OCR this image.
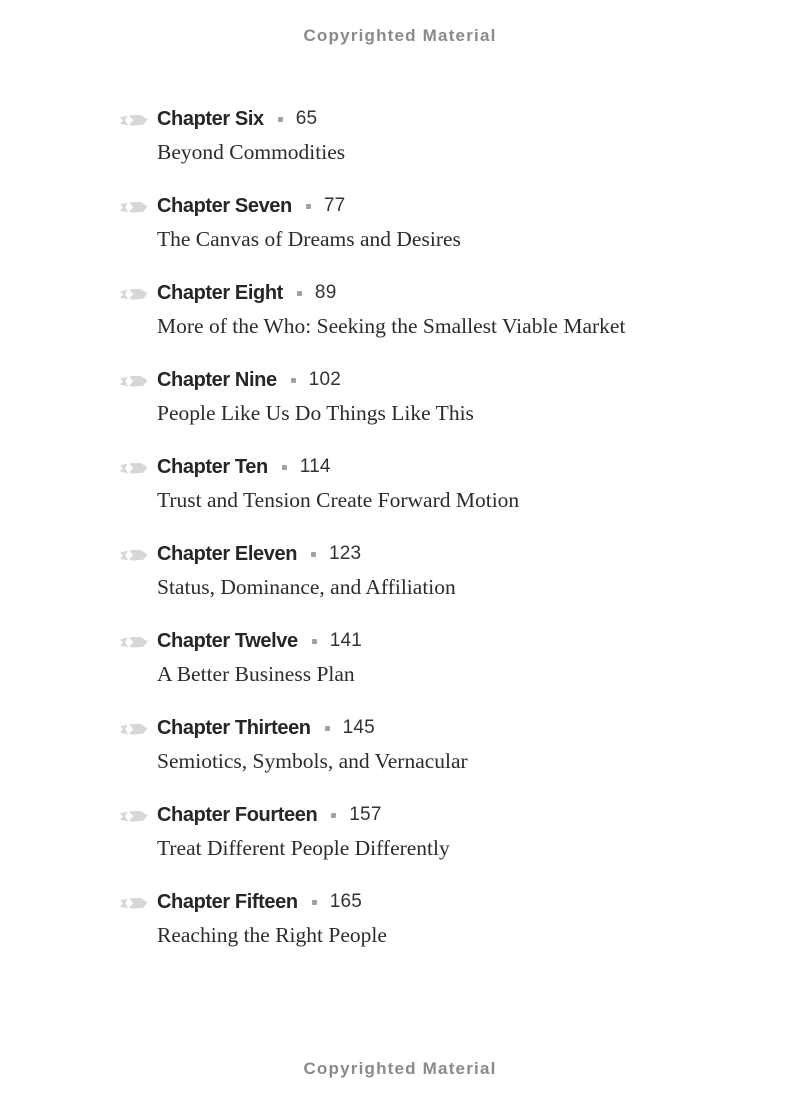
Copyrighted Material
Chapter Six 65
Beyond Commodities
Chapter Seven 77
The Canvas of Dreams and Desires
Chapter Eight 89
More of the Who: Seeking the Smallest Viable Market
Chapter Nine 102
People Like Us Do Things Like This
Chapter Ten 114
Trust and Tension Create Forward Motion
Chapter Eleven 123
Status, Dominance, and Affiliation
Chapter Twelve 141
A Better Business Plan
Chapter Thirteen 145
Semiotics, Symbols, and Vernacular
Chapter Fourteen 157
Treat Different People Differently
Chapter Fifteen 165
Reaching the Right People
Copyrighted Material
